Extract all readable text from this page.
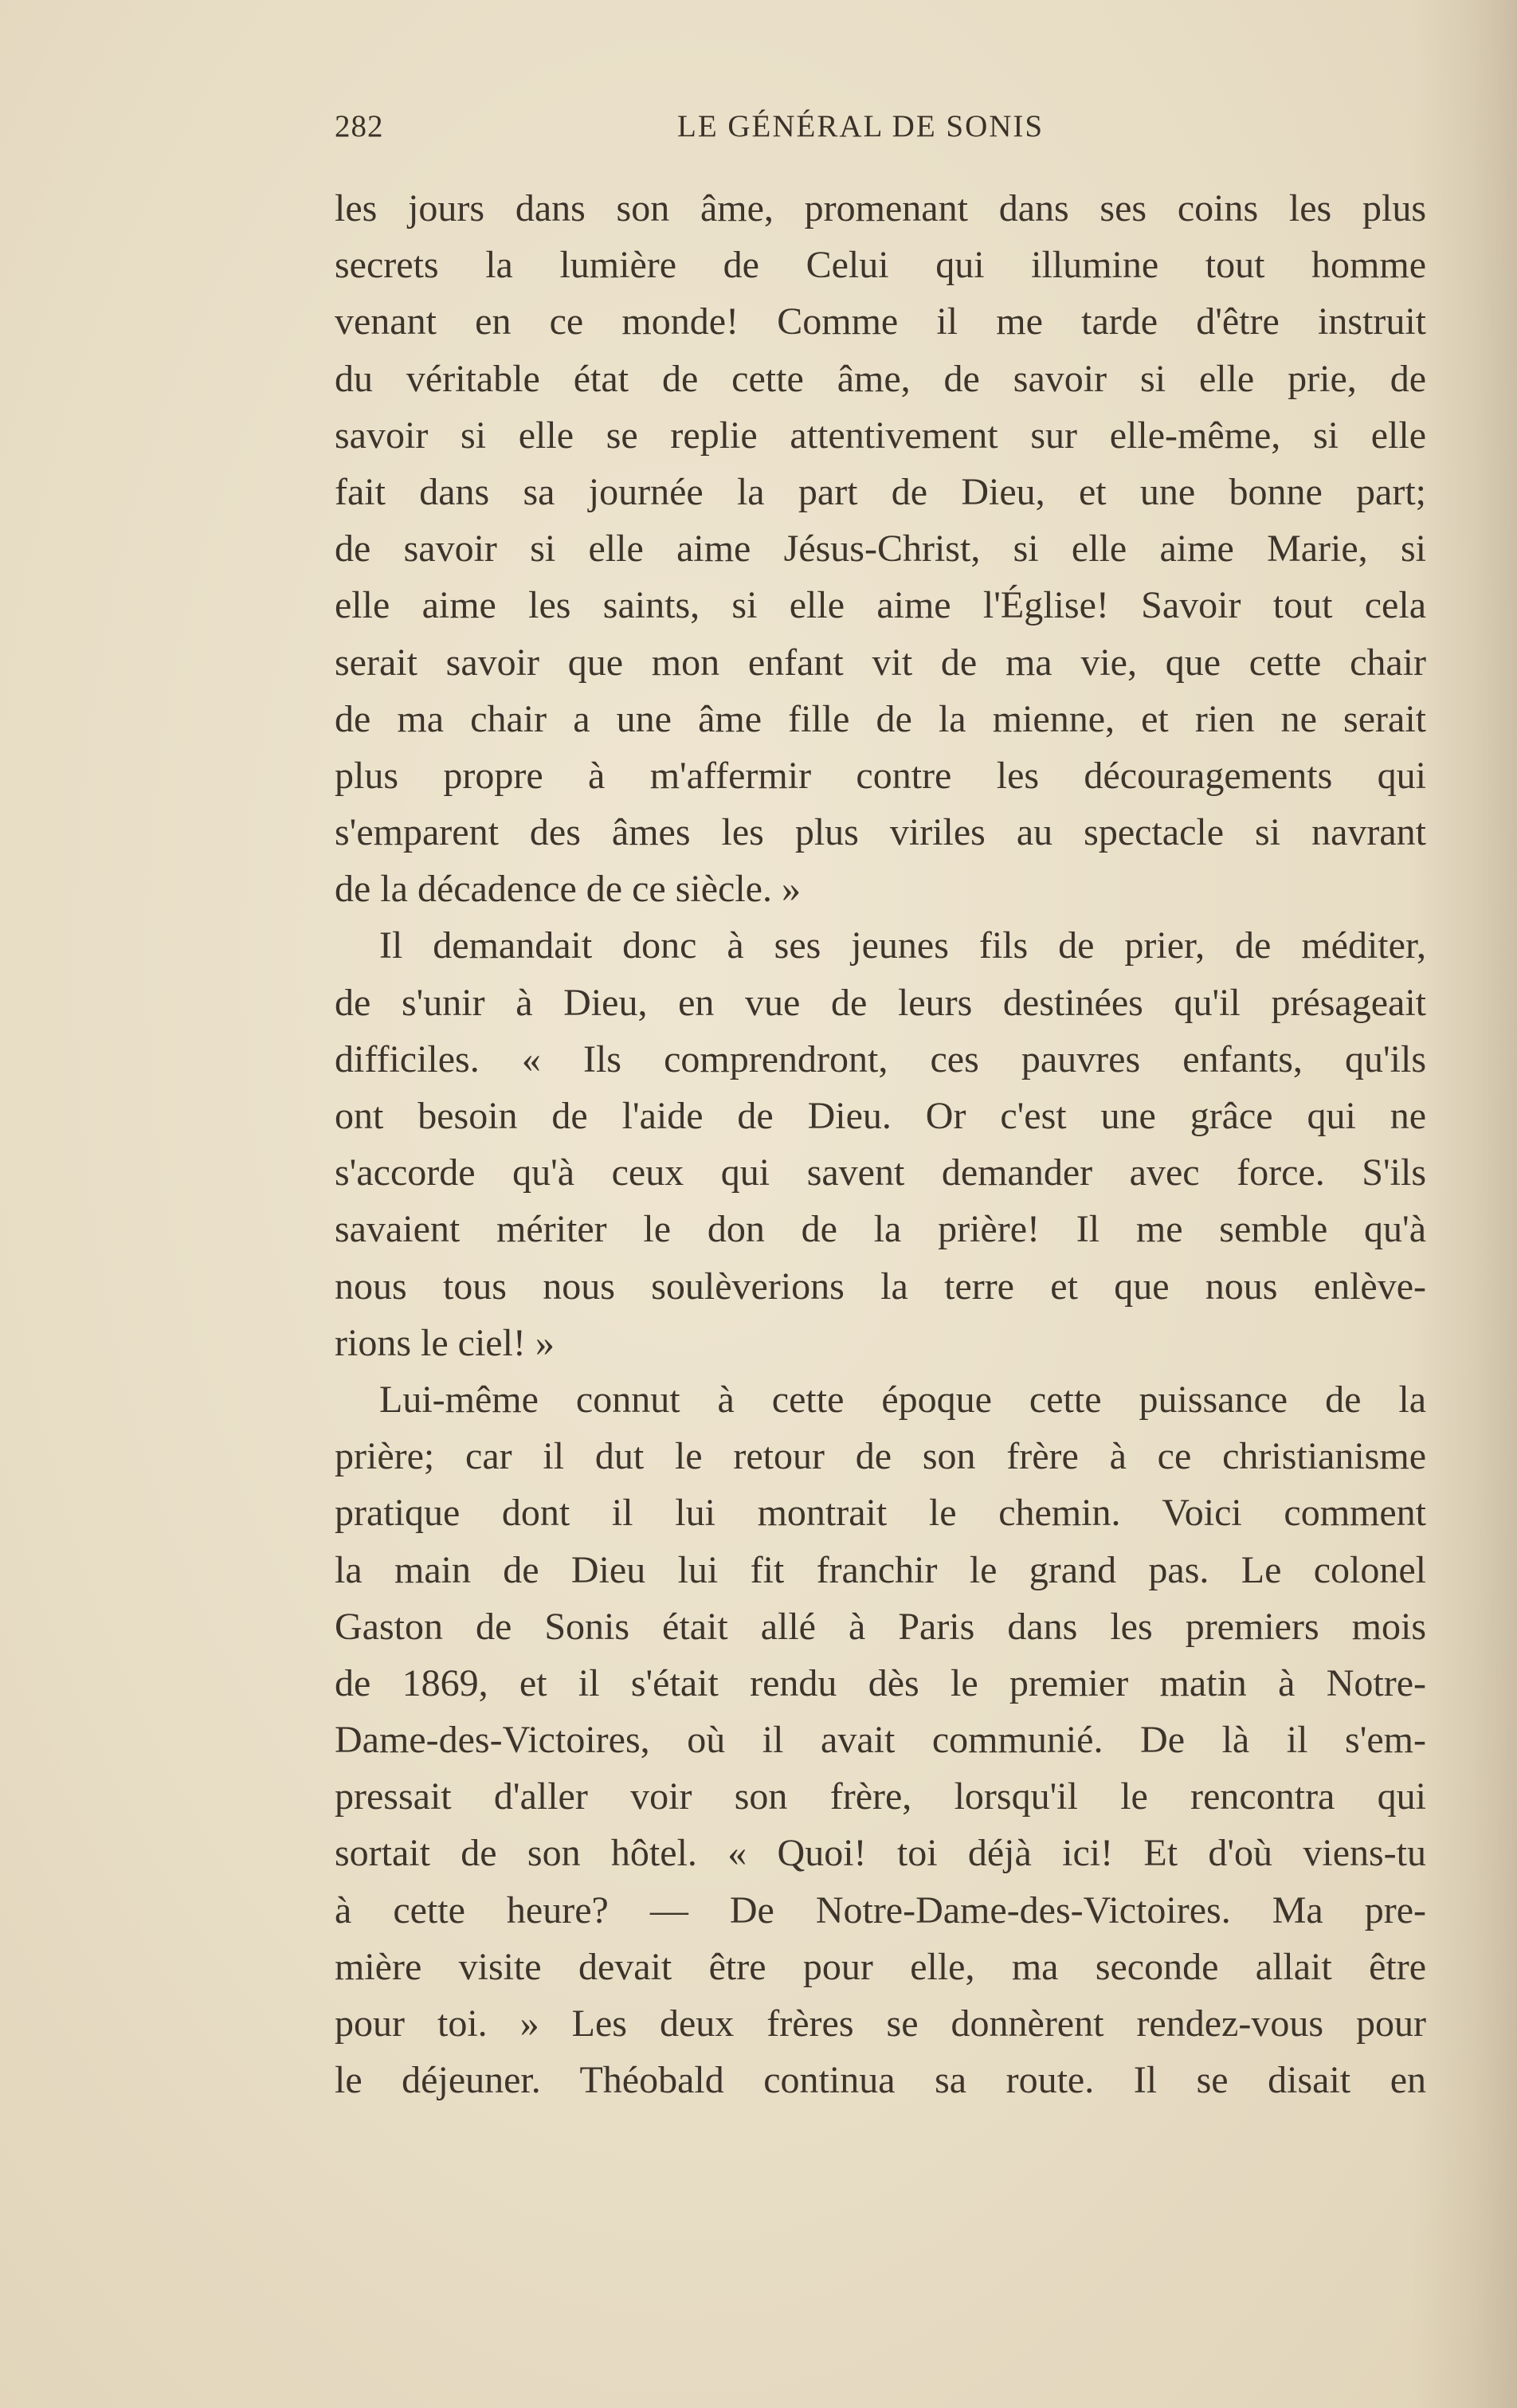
282	LE GÉNÉRAL DE SONIS
les jours dans son âme, promenant dans ses coins les plus
secrets la lumière de Celui qui illumine tout homme
venant en ce monde! Comme il me tarde d'être instruit
du véritable état de cette âme, de savoir si elle prie, de
savoir si elle se replie attentivement sur elle-même, si elle
fait dans sa journée la part de Dieu, et une bonne part;
de savoir si elle aime Jésus-Christ, si elle aime Marie, si
elle aime les saints, si elle aime l'Église! Savoir tout cela
serait savoir que mon enfant vit de ma vie, que cette chair
de ma chair a une âme fille de la mienne, et rien ne serait
plus propre à m'affermir contre les découragements qui
s'emparent des âmes les plus viriles au spectacle si navrant
de la décadence de ce siècle. »
Il demandait donc à ses jeunes fils de prier, de méditer,
de s'unir à Dieu, en vue de leurs destinées qu'il présageait
difficiles. « Ils comprendront, ces pauvres enfants, qu'ils
ont besoin de l'aide de Dieu. Or c'est une grâce qui ne
s'accorde qu'à ceux qui savent demander avec force. S'ils
savaient mériter le don de la prière! Il me semble qu'à
nous tous nous soulèverions la terre et que nous enlève-
rions le ciel! »
Lui-même connut à cette époque cette puissance de la
prière; car il dut le retour de son frère à ce christianisme
pratique dont il lui montrait le chemin. Voici comment
la main de Dieu lui fit franchir le grand pas. Le colonel
Gaston de Sonis était allé à Paris dans les premiers mois
de 1869, et il s'était rendu dès le premier matin à Notre-
Dame-des-Victoires, où il avait communié. De là il s'em-
pressait d'aller voir son frère, lorsqu'il le rencontra qui
sortait de son hôtel. « Quoi! toi déjà ici! Et d'où viens-tu
à cette heure? — De Notre-Dame-des-Victoires. Ma pre-
mière visite devait être pour elle, ma seconde allait être
pour toi. » Les deux frères se donnèrent rendez-vous pour
le déjeuner. Théobald continua sa route. Il se disait en
